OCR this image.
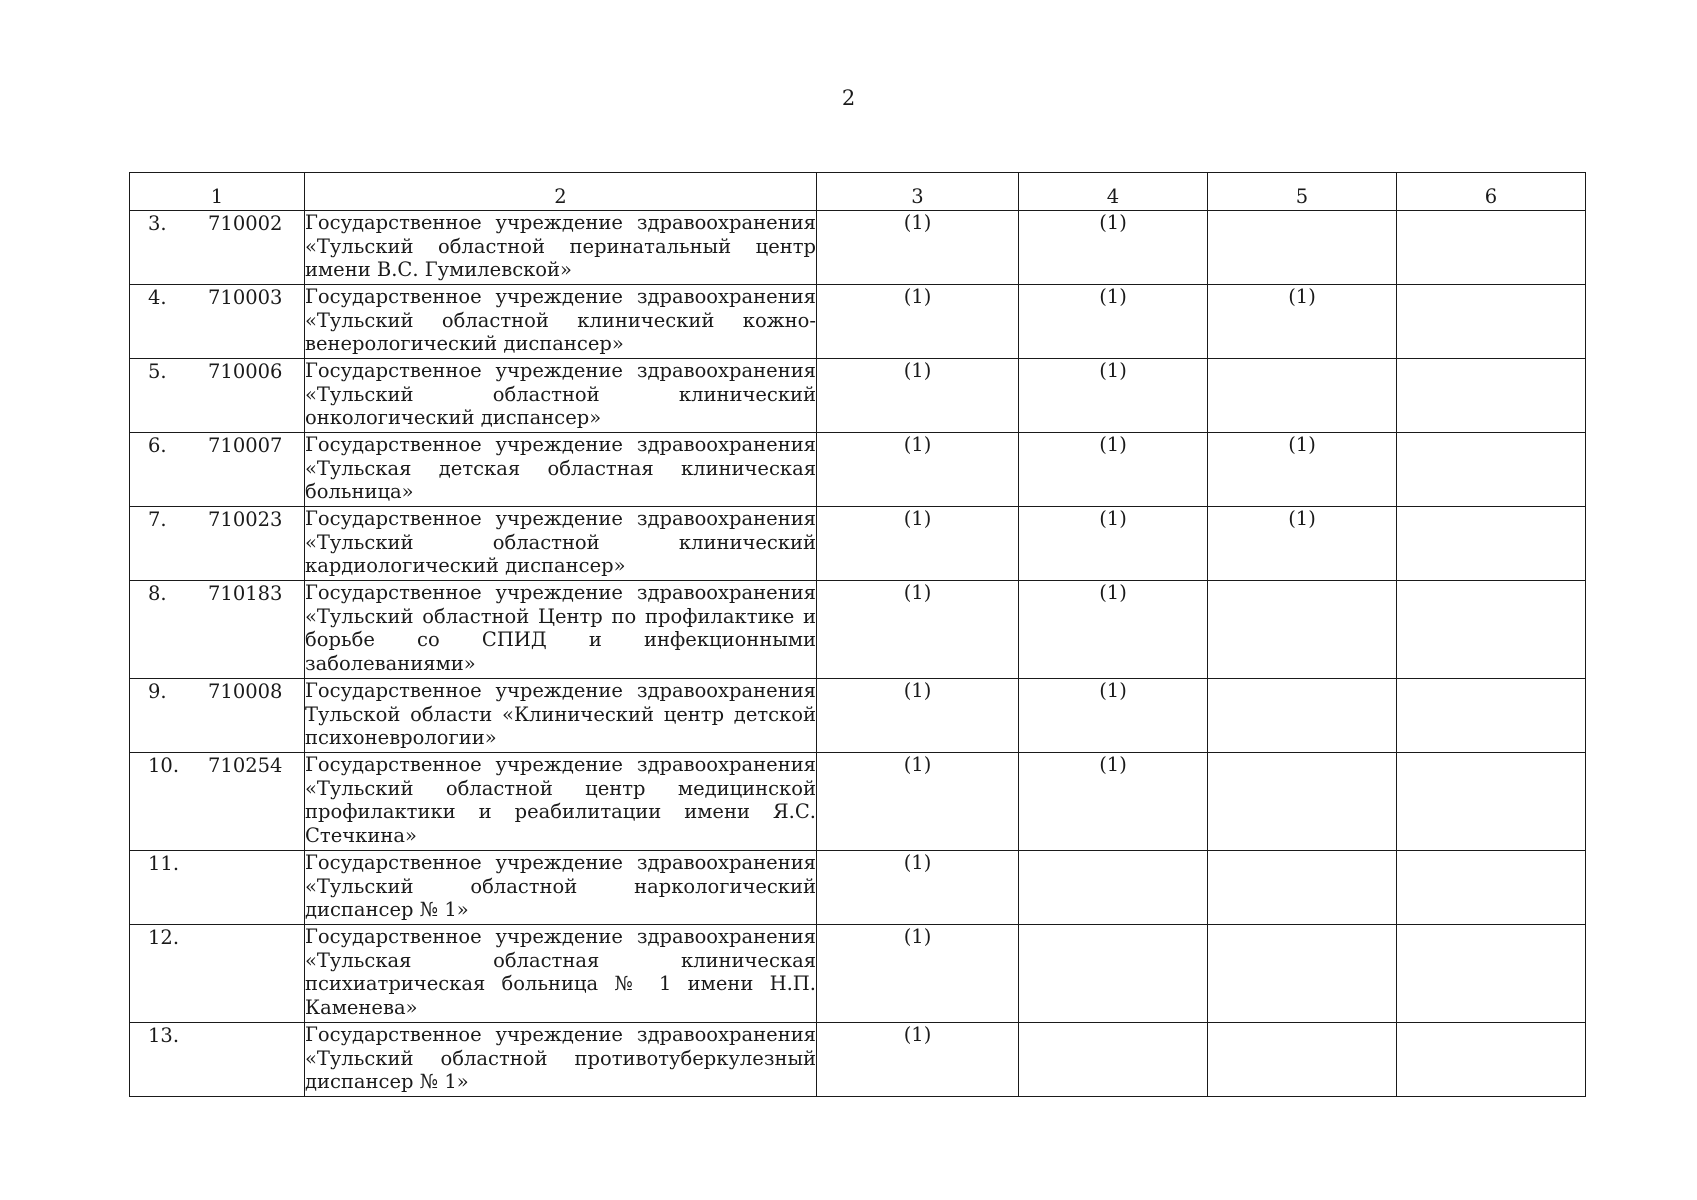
2
1	2	3	4	5	6

3. 710002	Государственное учреждение здравоохранения «Тульский областной перинатальный центр имени В.С. Гумилевской»	(1)	(1)		

4. 710003	Государственное учреждение здравоохранения «Тульский областной клинический кожно-венерологический диспансер»	(1)	(1)	(1)	

5. 710006	Государственное учреждение здравоохранения «Тульский областной клинический онкологический диспансер»	(1)	(1)		

6. 710007	Государственное учреждение здравоохранения «Тульская детская областная клиническая больница»	(1)	(1)	(1)	

7. 710023	Государственное учреждение здравоохранения «Тульский областной клинический кардиологический диспансер»	(1)	(1)	(1)	

8. 710183	Государственное учреждение здравоохранения «Тульский областной Центр по профилактике и борьбе со СПИД и инфекционными заболеваниями»	(1)	(1)		

9. 710008	Государственное учреждение здравоохранения Тульской области «Клинический центр детской психоневрологии»	(1)	(1)		

10. 710254	Государственное учреждение здравоохранения «Тульский областной центр медицинской профилактики и реабилитации имени Я.С. Стечкина»	(1)	(1)		

11.	Государственное учреждение здравоохранения «Тульский областной наркологический диспансер № 1»	(1)			

12.	Государственное учреждение здравоохранения «Тульская областная клиническая психиатрическая больница № 1 имени Н.П. Каменева»	(1)			

13.	Государственное учреждение здравоохранения «Тульский областной противотуберкулезный диспансер № 1»	(1)			
